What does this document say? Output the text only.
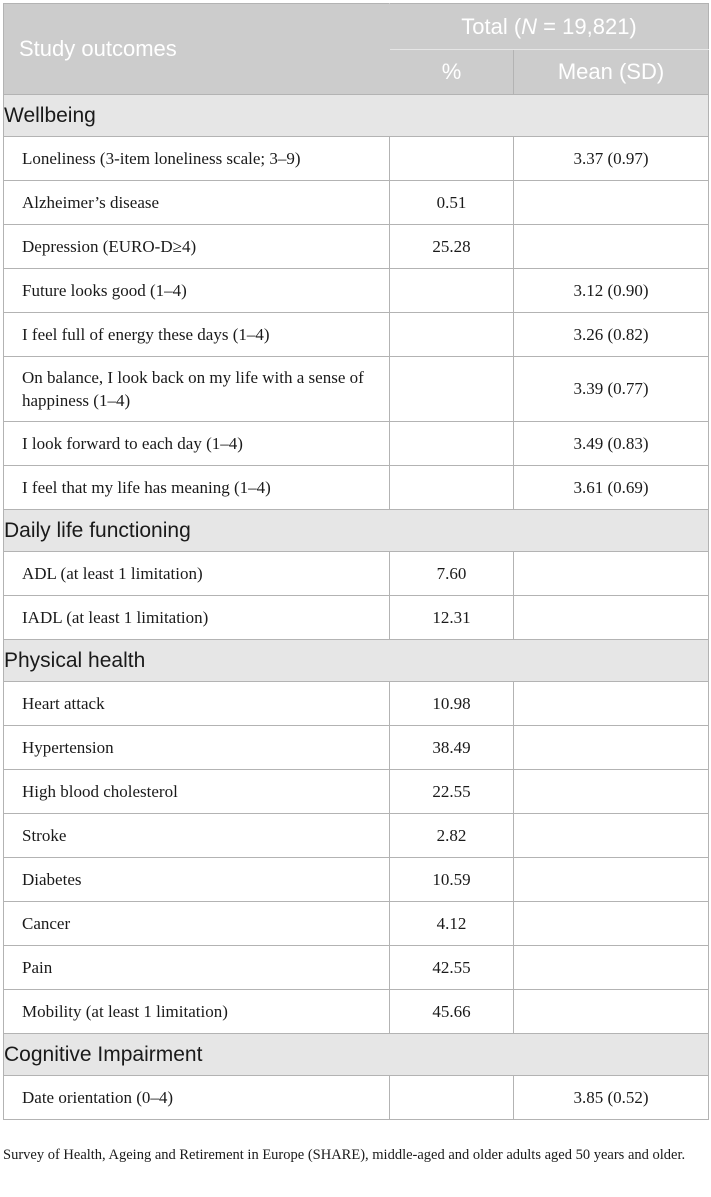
Study outcomes	Total (N = 19,821)	
	%	Mean (SD)
Wellbeing		
Loneliness (3-item loneliness scale; 3–9)		3.37 (0.97)
Alzheimer’s disease	0.51	
Depression (EURO-D≥4)	25.28	
Future looks good (1–4)		3.12 (0.90)
I feel full of energy these days (1–4)		3.26 (0.82)
On balance, I look back on my life with a sense of happiness (1–4)		3.39 (0.77)
I look forward to each day (1–4)		3.49 (0.83)
I feel that my life has meaning (1–4)		3.61 (0.69)
Daily life functioning		
ADL (at least 1 limitation)	7.60	
IADL (at least 1 limitation)	12.31	
Physical health		
Heart attack	10.98	
Hypertension	38.49	
High blood cholesterol	22.55	
Stroke	2.82	
Diabetes	10.59	
Cancer	4.12	
Pain	42.55	
Mobility (at least 1 limitation)	45.66	
Cognitive Impairment		
Date orientation (0–4)		3.85 (0.52)
Survey of Health, Ageing and Retirement in Europe (SHARE), middle-aged and older adults aged 50 years and older.
